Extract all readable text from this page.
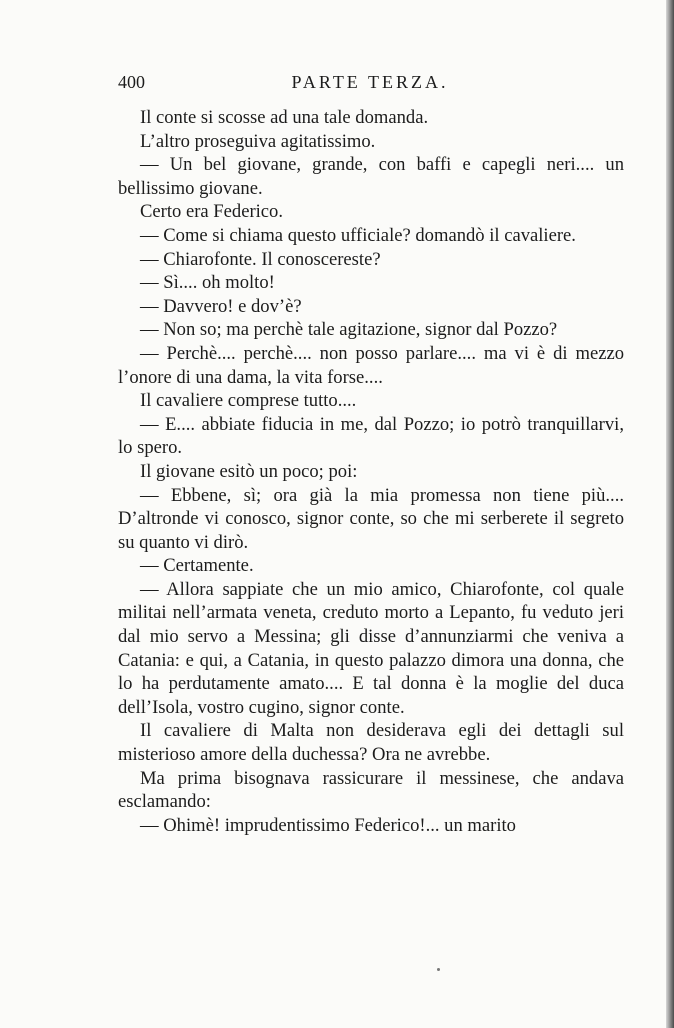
400	PARTE TERZA.

Il conte si scosse ad una tale domanda.

L’altro proseguiva agitatissimo.

— Un bel giovane, grande, con baffi e capegli neri.... un bellissimo giovane.

Certo era Federico.

— Come si chiama questo ufficiale? domandò il cavaliere.

— Chiarofonte. Il conoscereste?

— Sì.... oh molto!

— Davvero! e dov’è?

— Non so; ma perchè tale agitazione, signor dal Pozzo?

— Perchè.... perchè.... non posso parlare.... ma vi è di mezzo l’onore di una dama, la vita forse....

Il cavaliere comprese tutto....

— E.... abbiate fiducia in me, dal Pozzo; io potrò tranquillarvi, lo spero.

Il giovane esitò un poco; poi:

— Ebbene, sì; ora già la mia promessa non tiene più.... D’altronde vi conosco, signor conte, so che mi serberete il segreto su quanto vi dirò.

— Certamente.

— Allora sappiate che un mio amico, Chiarofonte, col quale militai nell’armata veneta, creduto morto a Lepanto, fu veduto jeri dal mio servo a Messina; gli disse d’annunziarmi che veniva a Catania: e qui, a Catania, in questo palazzo dimora una donna, che lo ha perdutamente amato.... E tal donna è la moglie del duca dell’Isola, vostro cugino, signor conte.

Il cavaliere di Malta non desiderava egli dei dettagli sul misterioso amore della duchessa? Ora ne avrebbe.

Ma prima bisognava rassicurare il messinese, che andava esclamando:

— Ohimè! imprudentissimo Federico!... un marito
